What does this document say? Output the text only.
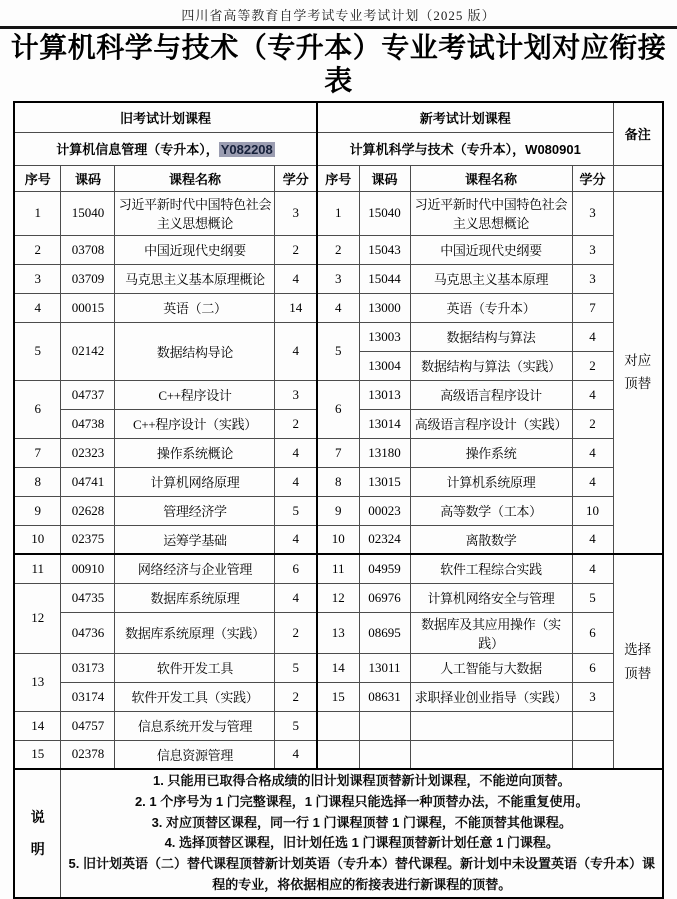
四川省高等教育自学考试专业考试计划（2025 版）
计算机科学与技术（专升本）专业考试计划对应衔接表
旧考试计划课程				新考试计划课程				备注
计算机信息管理（专升本）， Y082208				计算机科学与技术（专升本），W080901				
序号	课码	课程名称	学分	序号	课码	课程名称	学分	
1	15040	习近平新时代中国特色社会主义思想概论	3	1	15040	习近平新时代中国特色社会主义思想概论	3	对应顶替

2	03708	中国近现代史纲要	2	2	15043	中国近现代史纲要	3	
3	03709	马克思主义基本原理概论	4	3	15044	马克思主义基本原理	3	
4	00015	英语（二）	14	4	13000	英语（专升本）	7	
5	02142	数据结构导论	4	5	13003	数据结构与算法	4	
					13004	数据结构与算法（实践）	2	
6	04737	C++程序设计	3	6	13013	高级语言程序设计	4	
	04738	C++程序设计（实践）	2		13014	高级语言程序设计（实践）	2	
7	02323	操作系统概论	4	7	13180	操作系统	4	
8	04741	计算机网络原理	4	8	13015	计算机系统原理	4	
9	02628	管理经济学	5	9	00023	高等数学（工本）	10	
10	02375	运筹学基础	4	10	02324	离散数学	4	
11	00910	网络经济与企业管理	6	11	04959	软件工程综合实践	4	选择顶替

12	04735	数据库系统原理	4	12	06976	计算机网络安全与管理	5	
	04736	数据库系统原理（实践）	2	13	08695	数据库及其应用操作（实践）	6	
13	03173	软件开发工具	5	14	13011	人工智能与大数据	6	
	03174	软件开发工具（实践）	2	15	08631	求职择业创业指导（实践）	3	
14	04757	信息系统开发与管理	5					
15	02378	信息资源管理	4					

说明	1. 只能用已取得合格成绩的旧计划课程顶替新计划课程，不能逆向顶替。
2. 1 个序号为 1 门完整课程，1 门课程只能选择一种顶替办法，不能重复使用。
3. 对应顶替区课程，同一行 1 门课程顶替 1 门课程，不能顶替其他课程。
4. 选择顶替区课程，旧计划任选 1 门课程顶替新计划任意 1 门课程。
5. 旧计划英语（二）替代课程顶替新计划英语（专升本）替代课程。新计划中未设置英语（专升本）课程的专业，将依据相应的衔接表进行新课程的顶替。							
